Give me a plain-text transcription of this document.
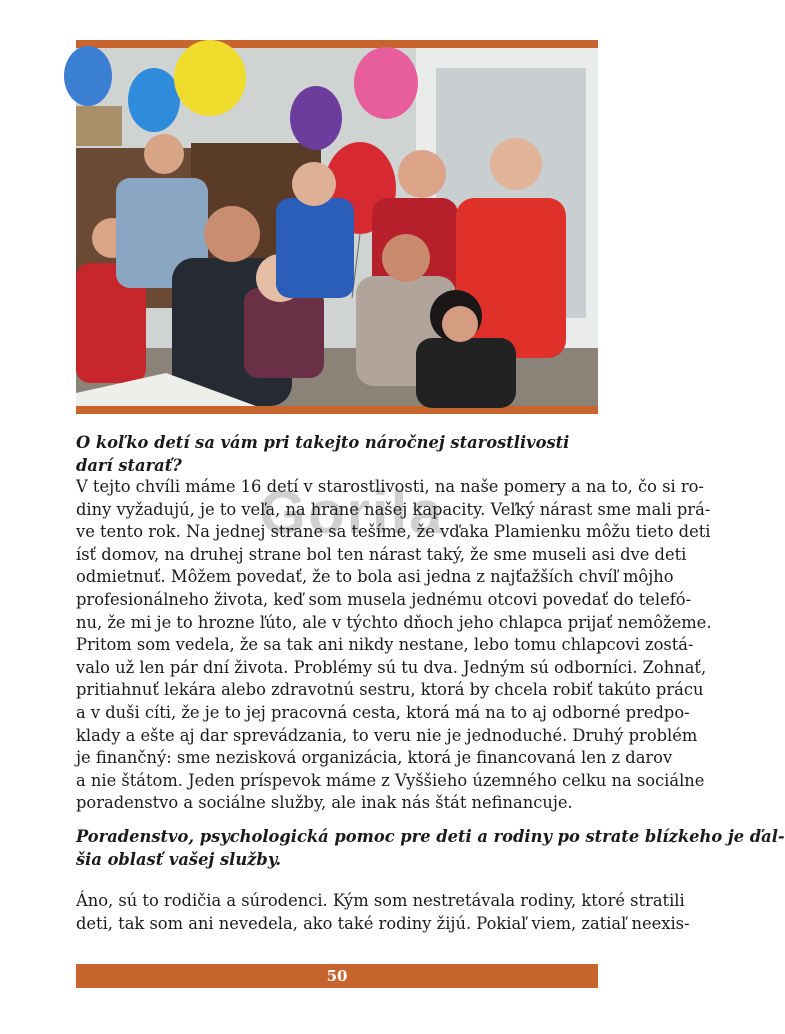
Gorila
O koľko detí sa vám pri takejto náročnej starostlivosti darí starať?
V tejto chvíli máme 16 detí v starostlivosti, na naše pomery a na to, čo si ro-
diny vyžadujú, je to veľa, na hrane našej kapacity. Veľký nárast sme mali prá-
ve tento rok. Na jednej strane sa tešíme, že vďaka Plamienku môžu tieto deti
ísť domov, na druhej strane bol ten nárast taký, že sme museli asi dve deti
odmietnuť. Môžem povedať, že to bola asi jedna z najťažších chvíľ môjho
profesionálneho života, keď som musela jednému otcovi povedať do telefó-
nu, že mi je to hrozne ľúto, ale v týchto dňoch jeho chlapca prijať nemôžeme.
Pritom som vedela, že sa tak ani nikdy nestane, lebo tomu chlapcovi zostá-
valo už len pár dní života. Problémy sú tu dva. Jedným sú odborníci. Zohnať,
pritiahnuť lekára alebo zdravotnú sestru, ktorá by chcela robiť takúto prácu
a v duši cíti, že je to jej pracovná cesta, ktorá má na to aj odborné predpo-
klady a ešte aj dar sprevádzania, to veru nie je jednoduché. Druhý problém
je finančný: sme nezisková organizácia, ktorá je financovaná len z darov
a nie štátom. Jeden príspevok máme z Vyššieho územného celku na sociálne
poradenstvo a sociálne služby, ale inak nás štát nefinancuje.
Poradenstvo, psychologická pomoc pre deti a rodiny po strate blízkeho je ďal-
šia oblasť vašej služby.
Áno, sú to rodičia a súrodenci. Kým som nestretávala rodiny, ktoré stratili
deti, tak som ani nevedela, ako také rodiny žijú. Pokiaľ viem, zatiaľ neexis-
50
